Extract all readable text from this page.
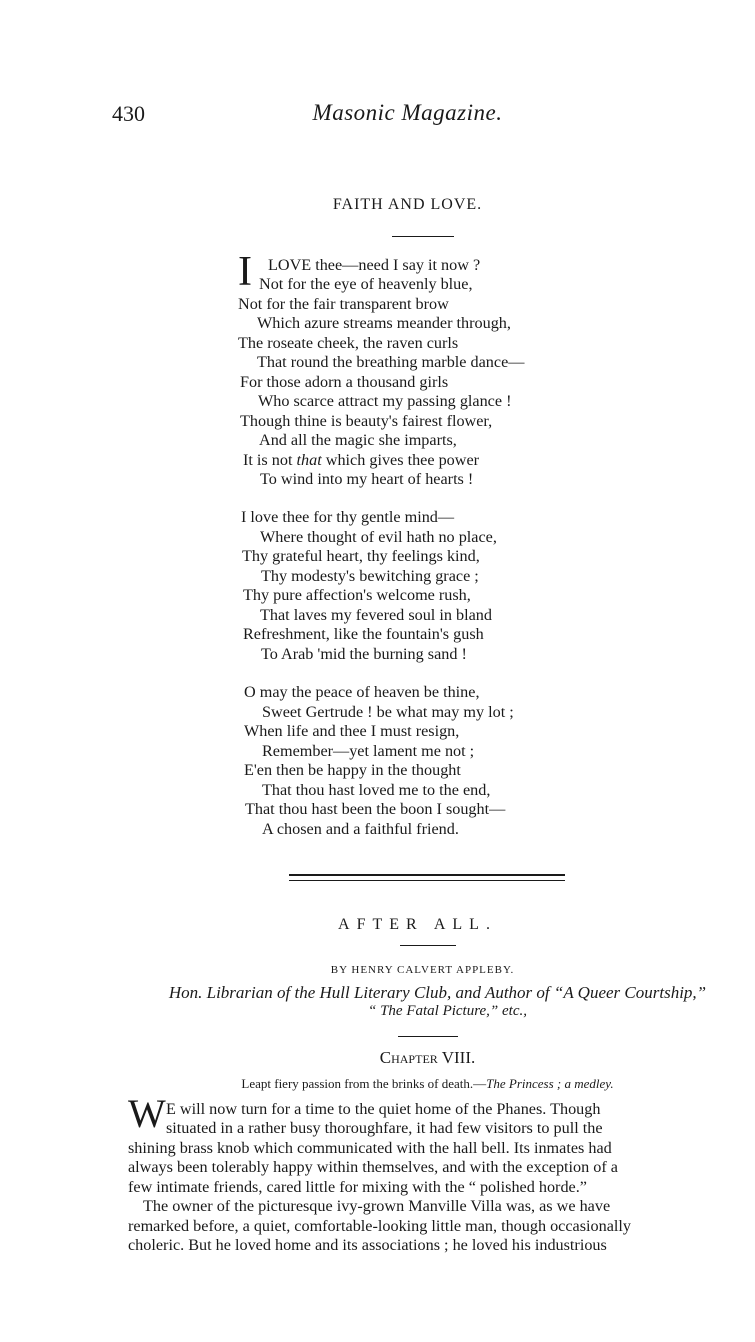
430	Masonic Magazine.
FAITH AND LOVE.
I LOVE thee—need I say it now ?
Not for the eye of heavenly blue,
Not for the fair transparent brow
Which azure streams meander through,
The roseate cheek, the raven curls
That round the breathing marble dance—
For those adorn a thousand girls
Who scarce attract my passing glance !
Though thine is beauty's fairest flower,
And all the magic she imparts,
It is not that which gives thee power
To wind into my heart of hearts !
I love thee for thy gentle mind—
Where thought of evil hath no place,
Thy grateful heart, thy feelings kind,
Thy modesty's bewitching grace ;
Thy pure affection's welcome rush,
That laves my fevered soul in bland
Refreshment, like the fountain's gush
To Arab 'mid the burning sand !
O may the peace of heaven be thine,
Sweet Gertrude ! be what may my lot ;
When life and thee I must resign,
Remember—yet lament me not ;
E'en then be happy in the thought
That thou hast loved me to the end,
That thou hast been the boon I sought—
A chosen and a faithful friend.
AFTER ALL.
BY HENRY CALVERT APPLEBY.
Hon. Librarian of the Hull Literary Club, and Author of “A Queer Courtship,”
“ The Fatal Picture,” etc.,
Chapter VIII.
Leapt fiery passion from the brinks of death.—The Princess ; a medley.
W E will now turn for a time to the quiet home of the Phanes. Though
situated in a rather busy thoroughfare, it had few visitors to pull the
shining brass knob which communicated with the hall bell. Its inmates had
always been tolerably happy within themselves, and with the exception of a
few intimate friends, cared little for mixing with the “ polished horde.”
The owner of the picturesque ivy-grown Manville Villa was, as we have
remarked before, a quiet, comfortable-looking little man, though occasionally
choleric. But he loved home and its associations ; he loved his industrious
